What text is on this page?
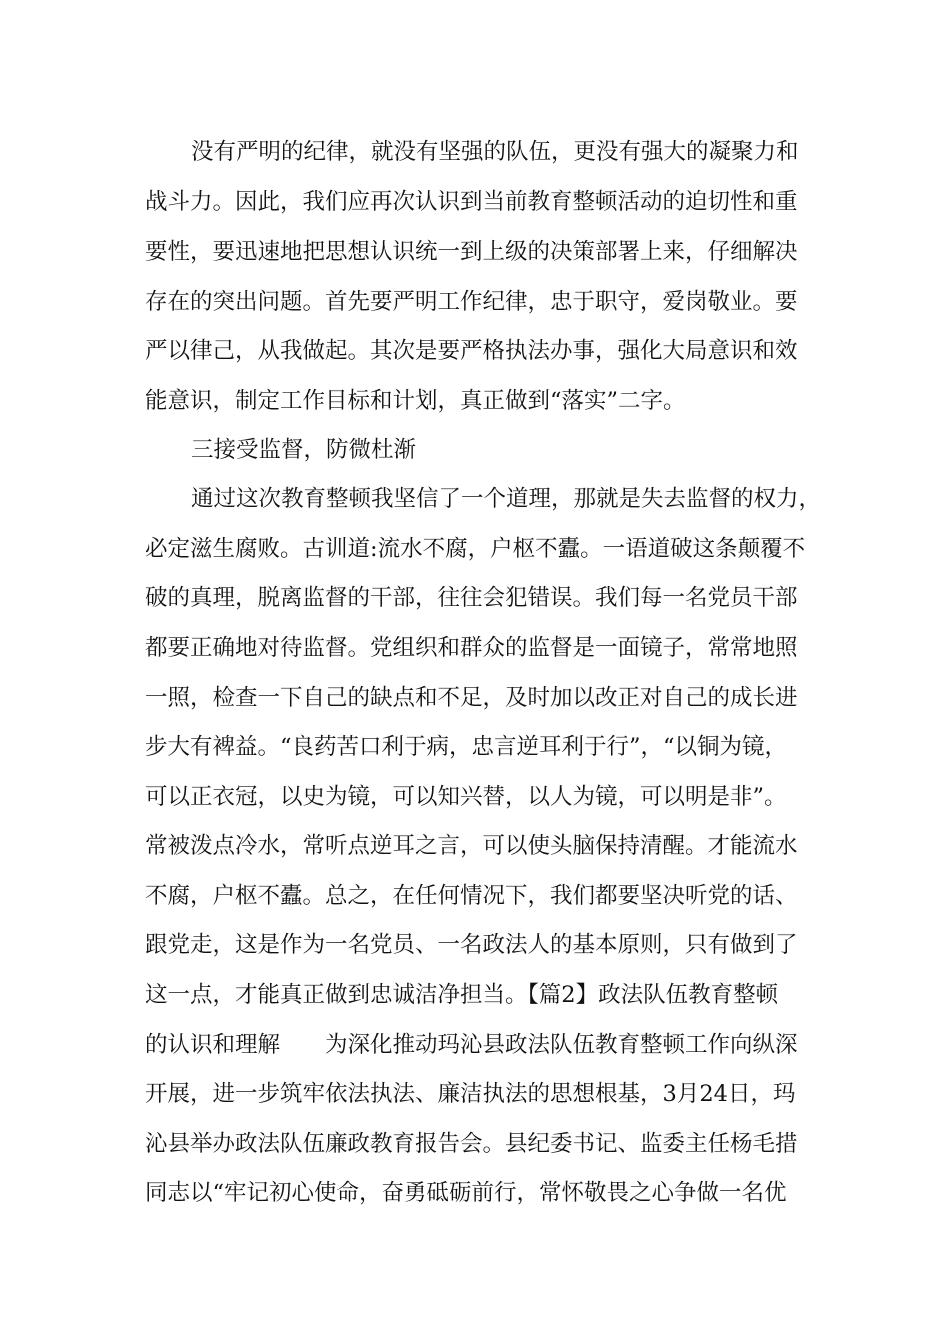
没有严明的纪律，就没有坚强的队伍，更没有强大的凝聚力和
战斗力。因此，我们应再次认识到当前教育整顿活动的迫切性和重
要性，要迅速地把思想认识统一到上级的决策部署上来，仔细解决
存在的突出问题。首先要严明工作纪律，忠于职守，爱岗敬业。要
严以律己，从我做起。其次是要严格执法办事，强化大局意识和效
能意识，制定工作目标和计划，真正做到“落实”二字。
三接受监督，防微杜渐
通过这次教育整顿我坚信了一个道理，那就是失去监督的权力，
必定滋生腐败。古训道:流水不腐，户枢不蠹。一语道破这条颠覆不
破的真理，脱离监督的干部，往往会犯错误。我们每一名党员干部
都要正确地对待监督。党组织和群众的监督是一面镜子，常常地照
一照，检查一下自己的缺点和不足，及时加以改正对自己的成长进
步大有裨益。“良药苦口利于病，忠言逆耳利于行”，“以铜为镜，
可以正衣冠，以史为镜，可以知兴替，以人为镜，可以明是非”。
常被泼点冷水，常听点逆耳之言，可以使头脑保持清醒。才能流水
不腐，户枢不蠹。总之，在任何情况下，我们都要坚决听党的话、
跟党走，这是作为一名党员、一名政法人的基本原则，只有做到了
这一点，才能真正做到忠诚洁净担当。【篇2】政法队伍教育整顿
的认识和理解　　为深化推动玛沁县政法队伍教育整顿工作向纵深
开展，进一步筑牢依法执法、廉洁执法的思想根基，3月24日，玛
沁县举办政法队伍廉政教育报告会。县纪委书记、监委主任杨毛措
同志以“牢记初心使命，奋勇砥砺前行，常怀敬畏之心争做一名优
